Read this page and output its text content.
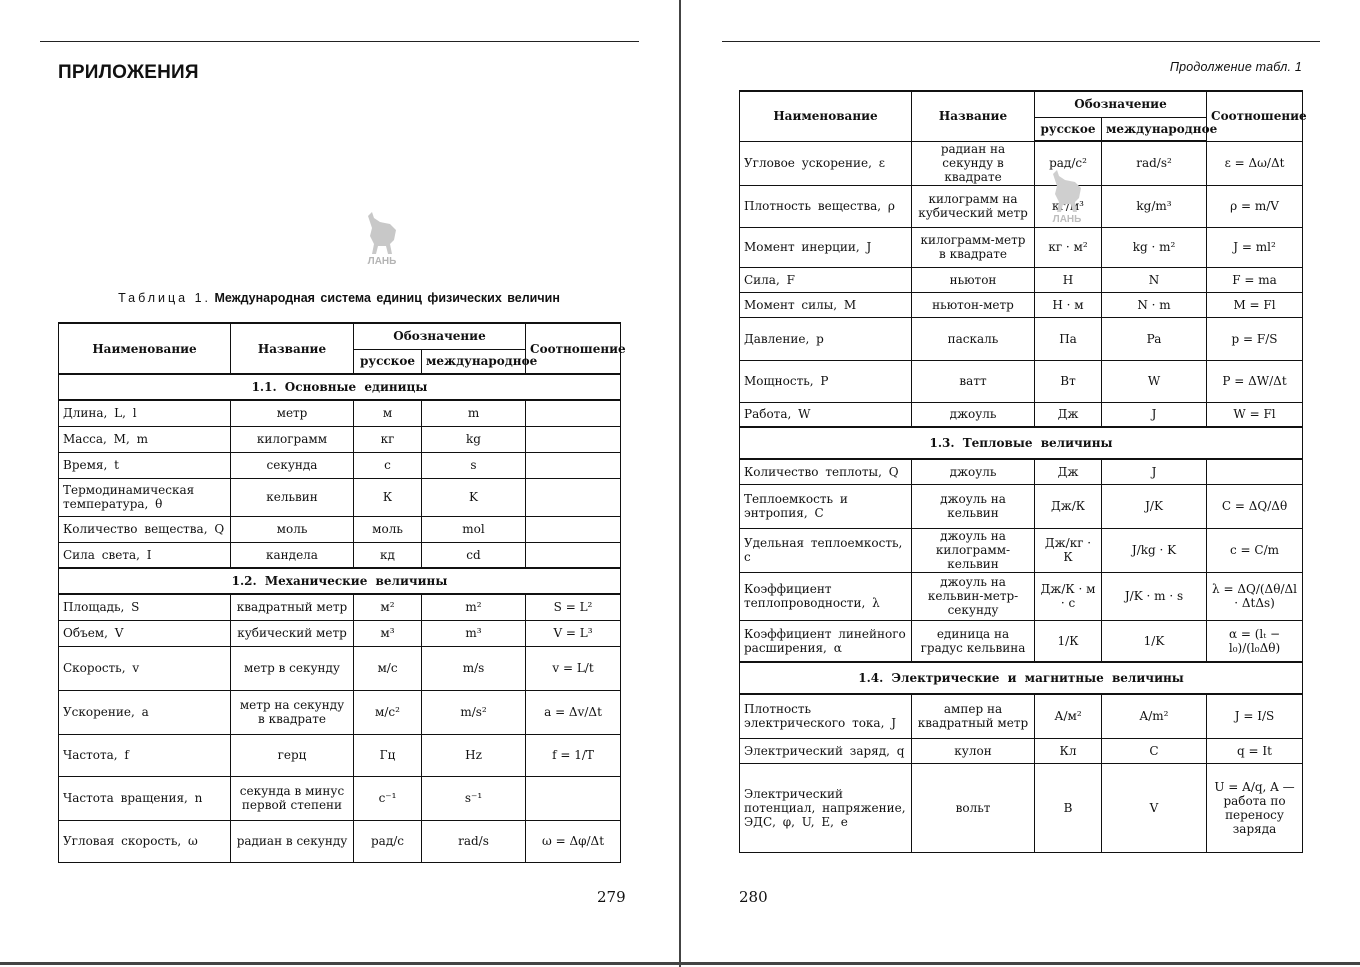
ПРИЛОЖЕНИЯ
ЛАНЬ
Таблица 1. Международная система единиц физических величин
Наименование	Название	Обозначение		Соотношение
		русское	международное	
1.1. Основные единицы				
Длина, L, l	метр	м	m	
Масса, M, m	килограмм	кг	kg	
Время, t	секунда	с	s	
Термодинамическая температура, θ	кельвин	К	K	
Количество вещества, Q	моль	моль	mol	
Сила света, I	кандела	кд	cd	
1.2. Механические величины				
Площадь, S	квадратный метр	м²	m²	S = L²
Объем, V	кубический метр	м³	m³	V = L³
Скорость, v	метр в секунду	м/с	m/s	v = L/t
Ускорение, a	метр на секунду в квадрате	м/с²	m/s²	a = Δv/Δt
Частота, f	герц	Гц	Hz	f = 1/T
Частота вращения, n	секунда в минус первой степени	с⁻¹	s⁻¹	
Угловая скорость, ω	радиан в секунду	рад/с	rad/s	ω = Δφ/Δt
279
Продолжение табл. 1
Наименование	Название	Обозначение		Соотношение
		русское	международное	
Угловое ускорение, ε	радиан на секунду в квадрате	рад/с²	rad/s²	ε = Δω/Δt
Плотность вещества, ρ	килограмм на кубический метр	кг/м³	kg/m³	ρ = m/V
Момент инерции, J	килограмм-метр в квадрате	кг · м²	kg · m²	J = ml²
Сила, F	ньютон	Н	N	F = ma
Момент силы, M	ньютон-метр	Н · м	N · m	M = Fl
Давление, p	паскаль	Па	Pa	p = F/S
Мощность, P	ватт	Вт	W	P = ΔW/Δt
Работа, W	джоуль	Дж	J	W = Fl
1.3. Тепловые величины				
Количество теплоты, Q	джоуль	Дж	J	
Теплоемкость и энтропия, C	джоуль на кельвин	Дж/К	J/K	C = ΔQ/Δθ
Удельная теплоемкость, c	джоуль на килограмм-кельвин	Дж/кг · К	J/kg · K	c = C/m
Коэффициент теплопроводности, λ	джоуль на кельвин-метр-секунду	Дж/К · м · с	J/K · m · s	λ = ΔQ/(Δθ/Δl · ΔtΔs)
Коэффициент линейного расширения, α	единица на градус кельвина	1/К	1/K	α = (lₜ − l₀)/(l₀Δθ)
1.4. Электрические и магнитные величины				
Плотность электрического тока, J	ампер на квадратный метр	А/м²	A/m²	J = I/S
Электрический заряд, q	кулон	Кл	C	q = It
Электрический потенциал, напряжение, ЭДС, φ, U, E, e	вольт	В	V	U = A/q, A — работа по переносу заряда
ЛАНЬ
280
